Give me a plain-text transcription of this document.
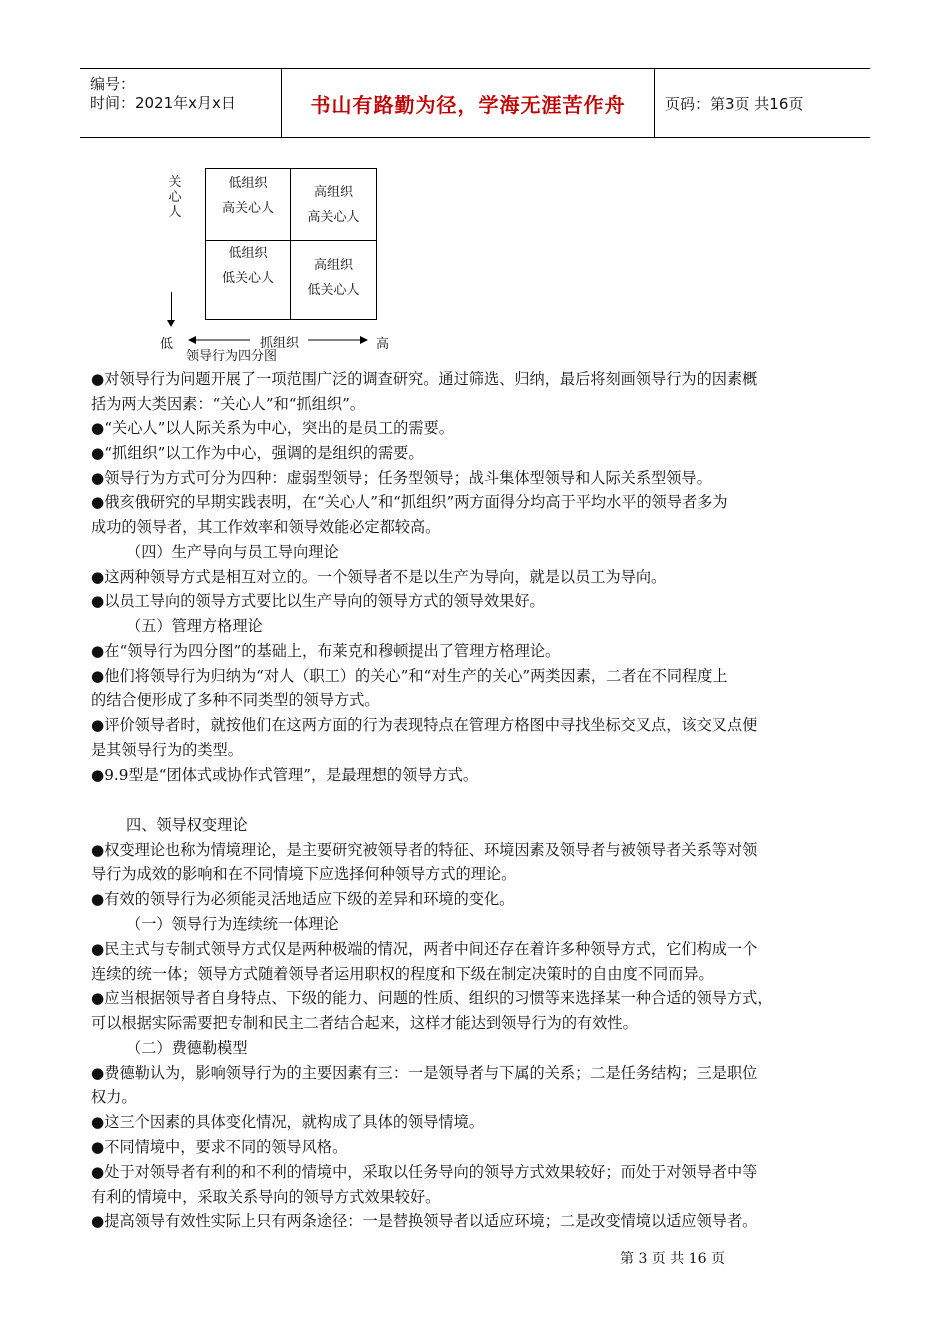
编号：
时间：2021年x月x日	书山有路勤为径，学海无涯苦作舟	页码：第3页 共16页
关心人
低组织
高关心人
高组织
高关心人
低组织
低关心人
高组织
低关心人
低	抓组织	高
领导行为四分图
●对领导行为问题开展了一项范围广泛的调查研究。通过筛选、归纳，最后将刻画领导行为的因素概
括为两大类因素：“关心人”和“抓组织”。
●“关心人”以人际关系为中心，突出的是员工的需要。
●“抓组织”以工作为中心，强调的是组织的需要。
●领导行为方式可分为四种：虚弱型领导；任务型领导；战斗集体型领导和人际关系型领导。
●俄亥俄研究的早期实践表明，在“关心人”和“抓组织”两方面得分均高于平均水平的领导者多为
成功的领导者，其工作效率和领导效能必定都较高。
（四）生产导向与员工导向理论
●这两种领导方式是相互对立的。一个领导者不是以生产为导向，就是以员工为导向。
●以员工导向的领导方式要比以生产导向的领导方式的领导效果好。
（五）管理方格理论
●在“领导行为四分图”的基础上，布莱克和穆顿提出了管理方格理论。
●他们将领导行为归纳为“对人（职工）的关心”和“对生产的关心”两类因素，二者在不同程度上
的结合便形成了多种不同类型的领导方式。
●评价领导者时，就按他们在这两方面的行为表现特点在管理方格图中寻找坐标交叉点，该交叉点便
是其领导行为的类型。
●9.9型是“团体式或协作式管理”，是最理想的领导方式。
四、领导权变理论
●权变理论也称为情境理论，是主要研究被领导者的特征、环境因素及领导者与被领导者关系等对领
导行为成效的影响和在不同情境下应选择何种领导方式的理论。
●有效的领导行为必须能灵活地适应下级的差异和环境的变化。
（一）领导行为连续统一体理论
●民主式与专制式领导方式仅是两种极端的情况，两者中间还存在着许多种领导方式，它们构成一个
连续的统一体；领导方式随着领导者运用职权的程度和下级在制定决策时的自由度不同而异。
●应当根据领导者自身特点、下级的能力、问题的性质、组织的习惯等来选择某一种合适的领导方式，
可以根据实际需要把专制和民主二者结合起来，这样才能达到领导行为的有效性。
（二）费德勒模型
●费德勒认为，影响领导行为的主要因素有三：一是领导者与下属的关系；二是任务结构；三是职位
权力。
●这三个因素的具体变化情况，就构成了具体的领导情境。
●不同情境中，要求不同的领导风格。
●处于对领导者有利的和不利的情境中，采取以任务导向的领导方式效果较好；而处于对领导者中等
有利的情境中，采取关系导向的领导方式效果较好。
●提高领导有效性实际上只有两条途径：一是替换领导者以适应环境；二是改变情境以适应领导者。
第 3 页 共 16 页
